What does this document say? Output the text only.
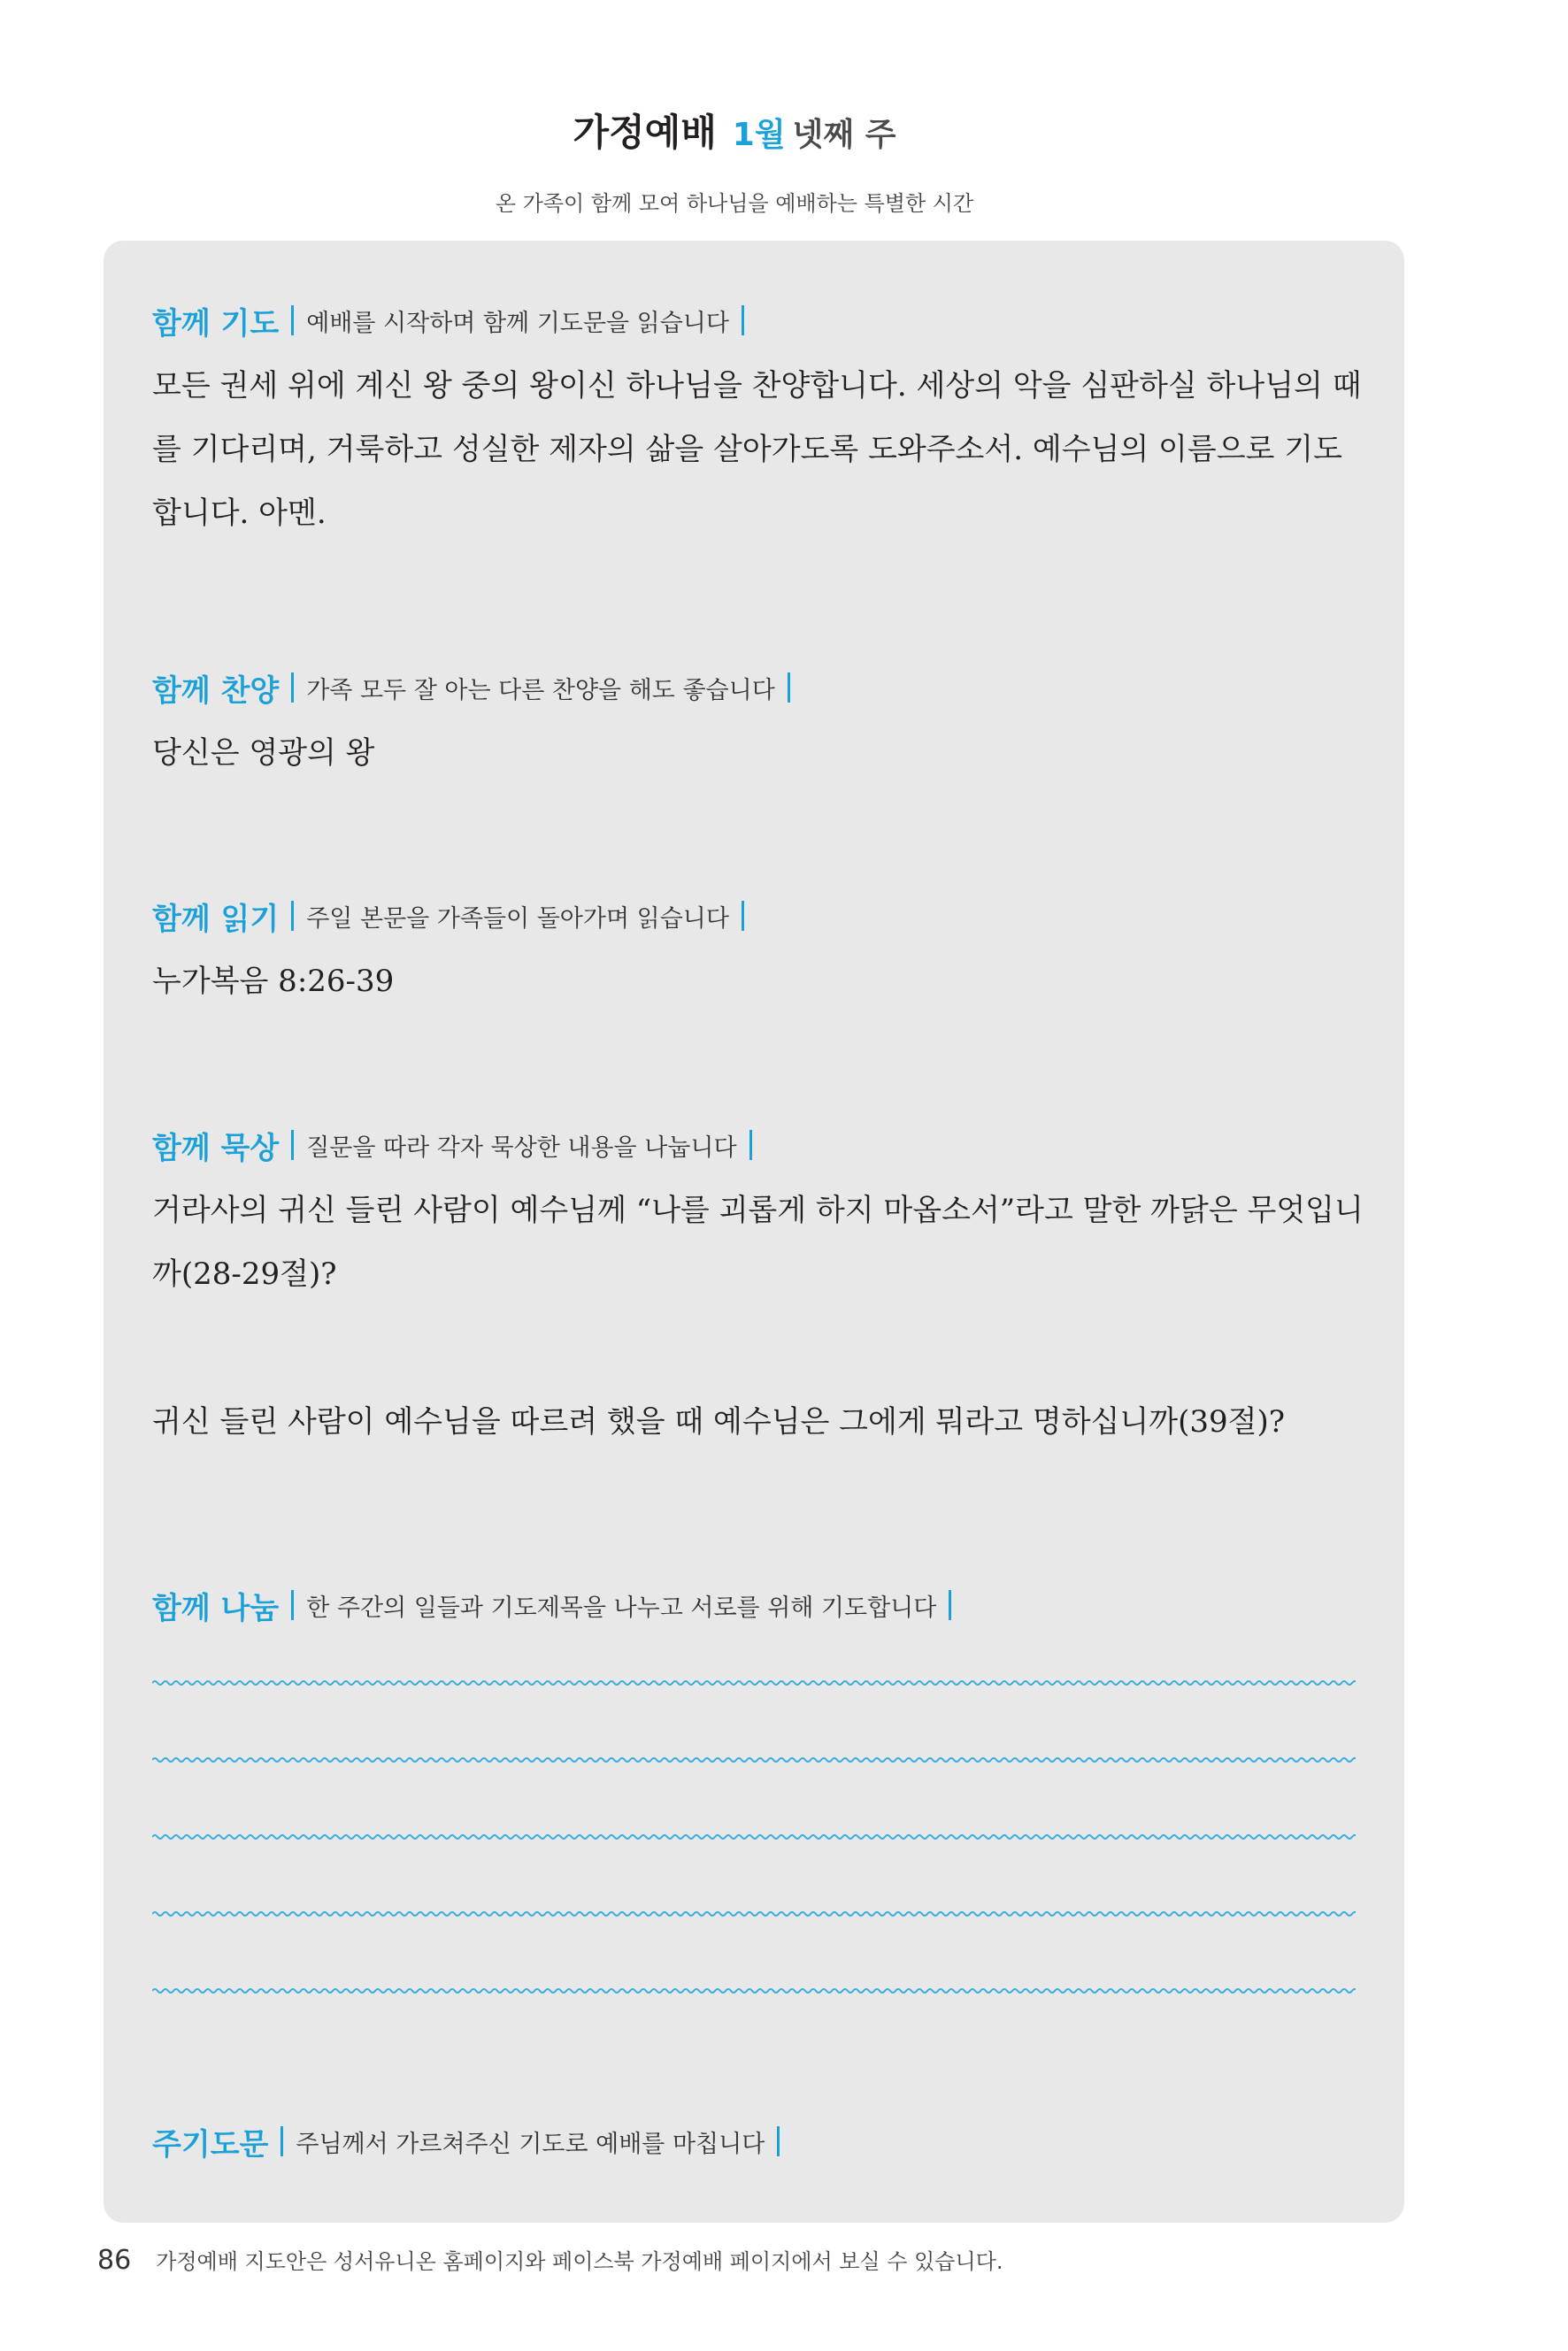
가정예배 1월 넷째 주
온 가족이 함께 모여 하나님을 예배하는 특별한 시간
함께 기도 예배를 시작하며 함께 기도문을 읽습니다
모든 권세 위에 계신 왕 중의 왕이신 하나님을 찬양합니다. 세상의 악을 심판하실 하나님의 때를 기다리며, 거룩하고 성실한 제자의 삶을 살아가도록 도와주소서. 예수님의 이름으로 기도합니다. 아멘.
함께 찬양 가족 모두 잘 아는 다른 찬양을 해도 좋습니다
당신은 영광의 왕
함께 읽기 주일 본문을 가족들이 돌아가며 읽습니다
누가복음 8:26-39
함께 묵상 질문을 따라 각자 묵상한 내용을 나눕니다
거라사의 귀신 들린 사람이 예수님께 “나를 괴롭게 하지 마옵소서”라고 말한 까닭은 무엇입니까(28-29절)?
귀신 들린 사람이 예수님을 따르려 했을 때 예수님은 그에게 뭐라고 명하십니까(39절)?
함께 나눔 한 주간의 일들과 기도제목을 나누고 서로를 위해 기도합니다
주기도문 주님께서 가르쳐주신 기도로 예배를 마칩니다
86 가정예배 지도안은 성서유니온 홈페이지와 페이스북 가정예배 페이지에서 보실 수 있습니다.
